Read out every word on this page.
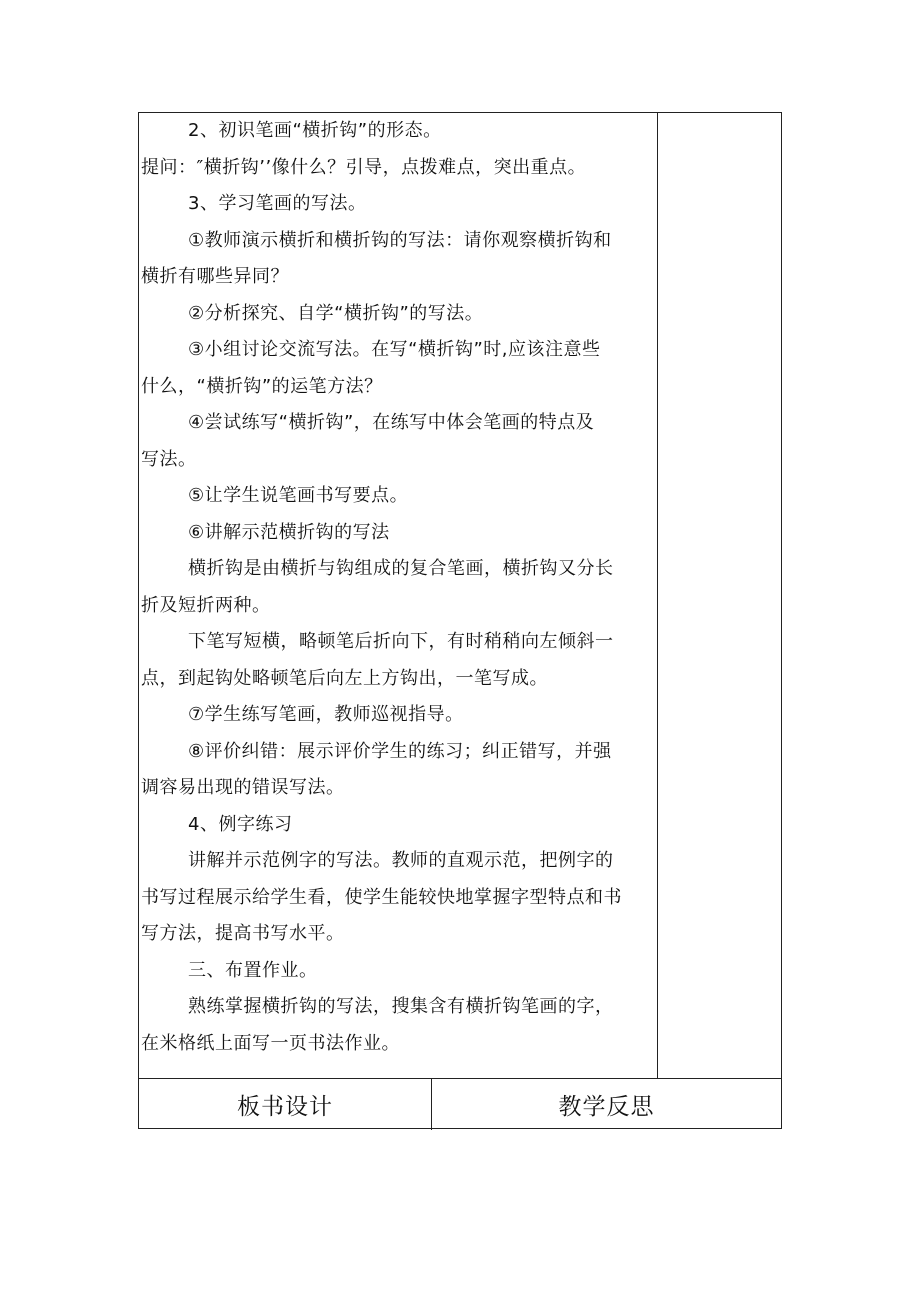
2、初识笔画“横折钩”的形态。
提问：″横折钩’’像什么？引导，点拨难点，突出重点。
3、学习笔画的写法。
①教师演示横折和横折钩的写法：请你观察横折钩和
横折有哪些异同？
②分析探究、自学“横折钩”的写法。
③小组讨论交流写法。在写“横折钩”时,应该注意些
什么，“横折钩”的运笔方法？
④尝试练写“横折钩”，在练写中体会笔画的特点及
写法。
⑤让学生说笔画书写要点。
⑥讲解示范横折钩的写法
横折钩是由横折与钩组成的复合笔画，横折钩又分长
折及短折两种。
下笔写短横，略顿笔后折向下，有时稍稍向左倾斜一
点，到起钩处略顿笔后向左上方钩出，一笔写成。
⑦学生练写笔画，教师巡视指导。
⑧评价纠错：展示评价学生的练习；纠正错写，并强
调容易出现的错误写法。
4、例字练习
讲解并示范例字的写法。教师的直观示范，把例字的
书写过程展示给学生看，使学生能较快地掌握字型特点和书
写方法，提高书写水平。
三、布置作业。
熟练掌握横折钩的写法，搜集含有横折钩笔画的字，
在米格纸上面写一页书法作业。
板书设计	教学反思
